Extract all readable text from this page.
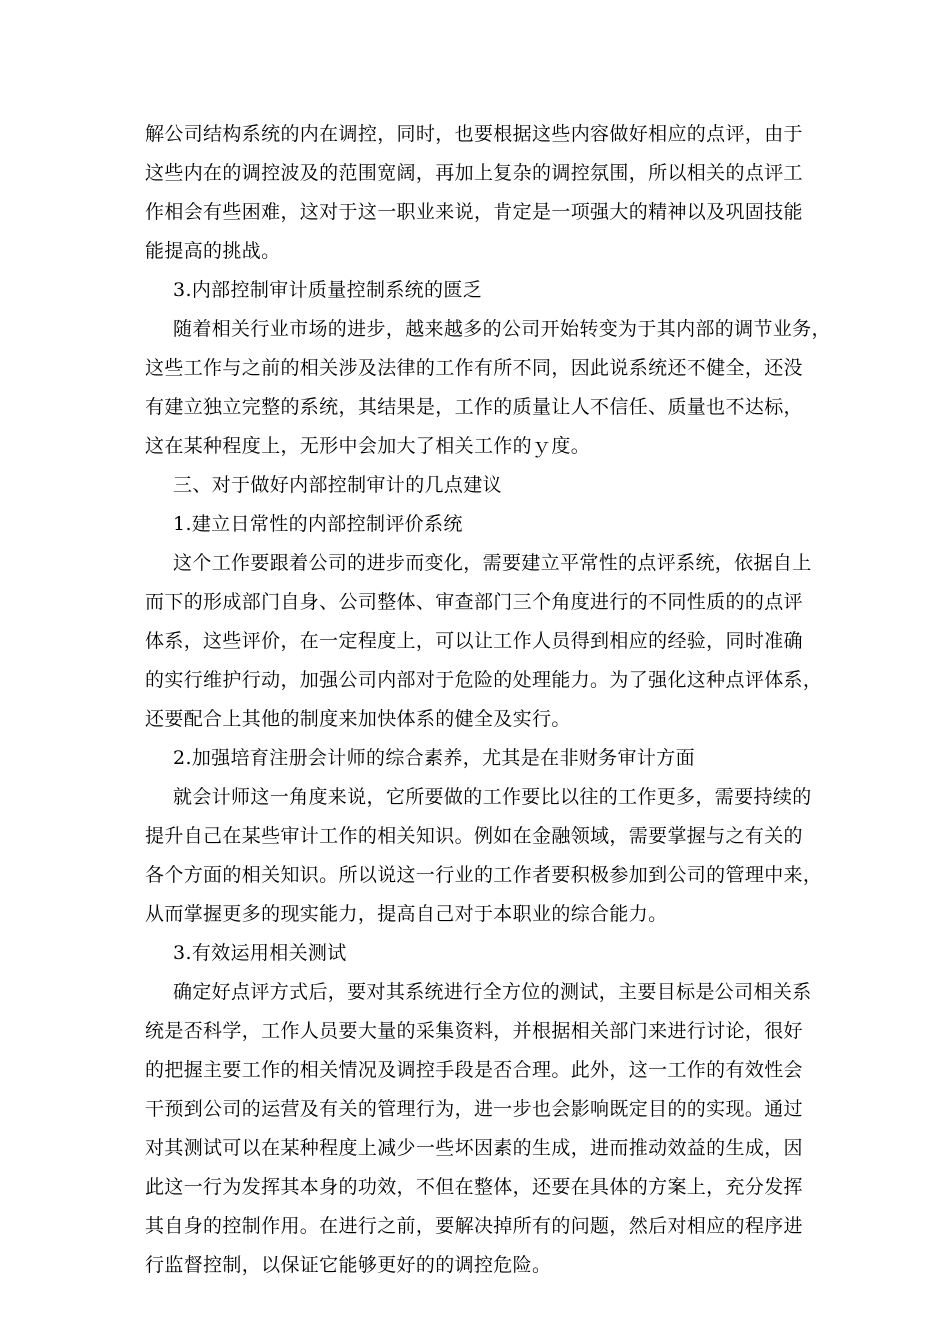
解公司结构系统的内在调控，同时，也要根据这些内容做好相应的点评，由于
这些内在的调控波及的范围宽阔，再加上复杂的调控氛围，所以相关的点评工
作相会有些困难，这对于这一职业来说，肯定是一项强大的精神以及巩固技能
能提高的挑战。
3.内部控制审计质量控制系统的匮乏
随着相关行业市场的进步，越来越多的公司开始转变为于其内部的调节业务，
这些工作与之前的相关涉及法律的工作有所不同，因此说系统还不健全，还没
有建立独立完整的系统，其结果是，工作的质量让人不信任、质量也不达标，
这在某种程度上，无形中会加大了相关工作的ｙ度。
三、对于做好内部控制审计的几点建议
1.建立日常性的内部控制评价系统
这个工作要跟着公司的进步而变化，需要建立平常性的点评系统，依据自上
而下的形成部门自身、公司整体、审查部门三个角度进行的不同性质的的点评
体系，这些评价，在一定程度上，可以让工作人员得到相应的经验，同时准确
的实行维护行动，加强公司内部对于危险的处理能力。为了强化这种点评体系，
还要配合上其他的制度来加快体系的健全及实行。
2.加强培育注册会计师的综合素养，尤其是在非财务审计方面
就会计师这一角度来说，它所要做的工作要比以往的工作更多，需要持续的
提升自己在某些审计工作的相关知识。例如在金融领域，需要掌握与之有关的
各个方面的相关知识。所以说这一行业的工作者要积极参加到公司的管理中来，
从而掌握更多的现实能力，提高自己对于本职业的综合能力。
3.有效运用相关测试
确定好点评方式后，要对其系统进行全方位的测试，主要目标是公司相关系
统是否科学，工作人员要大量的采集资料，并根据相关部门来进行讨论，很好
的把握主要工作的相关情况及调控手段是否合理。此外，这一工作的有效性会
干预到公司的运营及有关的管理行为，进一步也会影响既定目的的实现。通过
对其测试可以在某种程度上减少一些坏因素的生成，进而推动效益的生成，因
此这一行为发挥其本身的功效，不但在整体，还要在具体的方案上，充分发挥
其自身的控制作用。在进行之前，要解决掉所有的问题，然后对相应的程序进
行监督控制，以保证它能够更好的的调控危险。
